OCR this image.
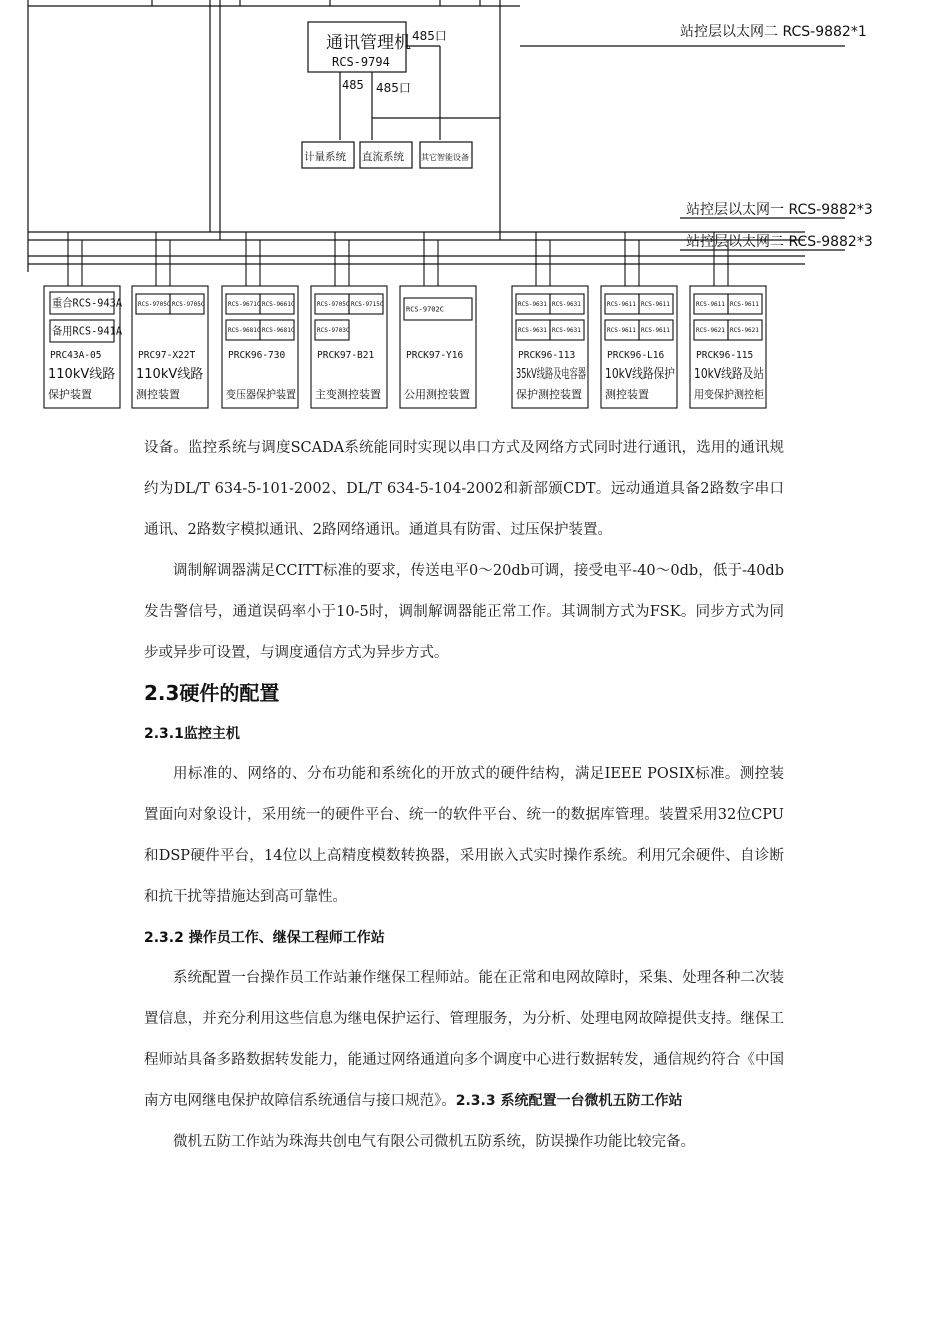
重合RCS-943A
备用RCS-941A
PRC43A-05
110kV线路
保护装置
RCS-9705C RCS-9705C
PRC97-X22T
110kV线路
测控装置
RCS-9671C RCS-9661C
RCS-9681C RCS-9681C
PRCK96-730
变压器保护装置
RCS-9705C RCS-9715C
RCS-9703C
PRCK97-B21
主变测控装置
RCS-9702C
PRCK97-Y16
公用测控装置
RCS-9631 RCS-9631
RCS-9631 RCS-9631
PRCK96-113
35kV线路及电容器
保护测控装置
RCS-9611 RCS-9611
RCS-9611 RCS-9611
PRCK96-L16
10kV线路保护
测控装置
RCS-9611 RCS-9611
RCS-9621 RCS-9621
PRCK96-115
10kV线路及站
用变保护测控柜
通讯管理机
RCS-9794
485口
485 485口
计量系统 直流系统 其它智能设备
站控层以太网二 RCS-9882*1
站控层以太网一 RCS-9882*3
站控层以太网二 RCS-9882*3

设备。监控系统与调度SCADA系统能同时实现以串口方式及网络方式同时进行通讯，选用的通讯规约为DL/T 634-5-101-2002、DL/T 634-5-104-2002和新部颁CDT。远动通道具备2路数字串口通讯、2路数字模拟通讯、2路网络通讯。通道具有防雷、过压保护装置。

调制解调器满足CCITT标准的要求，传送电平0～20db可调，接受电平-40～0db，低于-40db发告警信号，通道误码率小于10-5时，调制解调器能正常工作。其调制方式为FSK。同步方式为同步或异步可设置，与调度通信方式为异步方式。

2.3硬件的配置
2.3.1监控主机

用标准的、网络的、分布功能和系统化的开放式的硬件结构，满足IEEE POSIX标准。测控装置面向对象设计，采用统一的硬件平台、统一的软件平台、统一的数据库管理。装置采用32位CPU和DSP硬件平台，14位以上高精度模数转换器，采用嵌入式实时操作系统。利用冗余硬件、自诊断和抗干扰等措施达到高可靠性。

2.3.2 操作员工作、继保工程师工作站

系统配置一台操作员工作站兼作继保工程师站。能在正常和电网故障时，采集、处理各种二次装置信息，并充分利用这些信息为继电保护运行、管理服务，为分析、处理电网故障提供支持。继保工程师站具备多路数据转发能力，能通过网络通道向多个调度中心进行数据转发，通信规约符合《中国南方电网继电保护故障信系统通信与接口规范》。2.3.3 系统配置一台微机五防工作站

微机五防工作站为珠海共创电气有限公司微机五防系统，防误操作功能比较完备。
